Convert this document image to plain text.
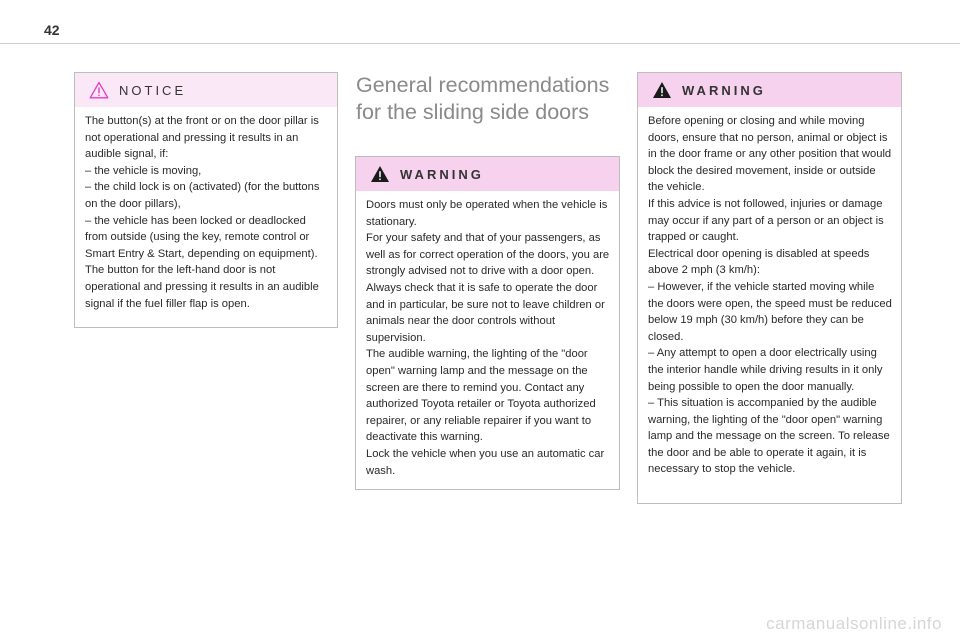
42
NOTICE

The button(s) at the front or on the door pillar is not operational and pressing it results in an audible signal, if:

– the vehicle is moving,

– the child lock is on (activated) (for the buttons on the door pillars),

– the vehicle has been locked or deadlocked from outside (using the key, remote control or Smart Entry & Start, depending on equipment).

The button for the left-hand door is not operational and pressing it results in an audible signal if the fuel filler flap is open.

General recommendations for the sliding side doors
WARNING

Doors must only be operated when the vehicle is stationary.

For your safety and that of your passengers, as well as for correct operation of the doors, you are strongly advised not to drive with a door open.

Always check that it is safe to operate the door and in particular, be sure not to leave children or animals near the door controls without supervision.

The audible warning, the lighting of the "door open" warning lamp and the message on the screen are there to remind you. Contact any authorized Toyota retailer or Toyota authorized repairer, or any reliable repairer if you want to deactivate this warning.

Lock the vehicle when you use an automatic car wash.

WARNING

Before opening or closing and while moving doors, ensure that no person, animal or object is in the door frame or any other position that would block the desired movement, inside or outside the vehicle.

If this advice is not followed, injuries or damage may occur if any part of a person or an object is trapped or caught.

Electrical door opening is disabled at speeds above 2 mph (3 km/h):

– However, if the vehicle started moving while the doors were open, the speed must be reduced below 19 mph (30 km/h) before they can be closed.

– Any attempt to open a door electrically using the interior handle while driving results in it only being possible to open the door manually.

– This situation is accompanied by the audible warning, the lighting of the "door open" warning lamp and the message on the screen. To release the door and be able to operate it again, it is necessary to stop the vehicle.

carmanualsonline.info
